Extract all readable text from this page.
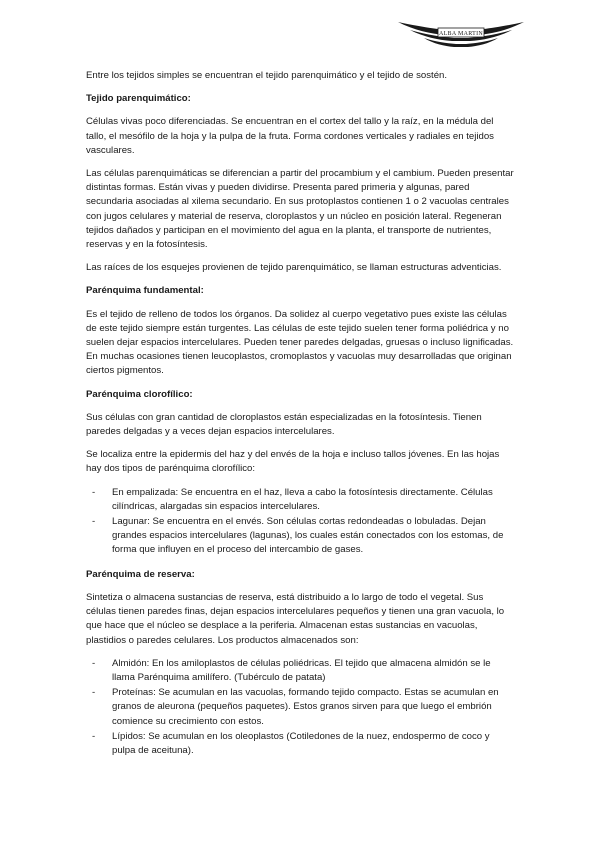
ALBA MARTIN

Entre los tejidos simples se encuentran el tejido parenquimático y el tejido de sostén.

Tejido parenquimático:

Células vivas poco diferenciadas. Se encuentran en el cortex del tallo y la raíz, en la médula del tallo, el mesófilo de la hoja y la pulpa de la fruta. Forma cordones verticales y radiales en tejidos vasculares.

Las células parenquimáticas se diferencian a partir del procambium y el cambium. Pueden presentar distintas formas. Están vivas y pueden dividirse. Presenta pared primeria y algunas, pared secundaria asociadas al xilema secundario. En sus protoplastos contienen 1 o 2 vacuolas centrales con jugos celulares y material de reserva, cloroplastos y un núcleo en posición lateral. Regeneran tejidos dañados y participan en el movimiento del agua en la planta, el transporte de nutrientes, reservas y en la fotosíntesis.

Las raíces de los esquejes provienen de tejido parenquimático, se llaman estructuras adventicias.

Parénquima fundamental:

Es el tejido de relleno de todos los órganos. Da solidez al cuerpo vegetativo pues existe las células de este tejido siempre están turgentes. Las células de este tejido suelen tener forma poliédrica y no suelen dejar espacios intercelulares. Pueden tener paredes delgadas, gruesas o incluso lignificadas. En muchas ocasiones tienen leucoplastos, cromoplastos y vacuolas muy desarrolladas que originan ciertos pigmentos.

Parénquima clorofílico:

Sus células con gran cantidad de cloroplastos están especializadas en la fotosíntesis. Tienen paredes delgadas y a veces dejan espacios intercelulares.

Se localiza entre la epidermis del haz y del envés de la hoja e incluso tallos jóvenes. En las hojas hay dos tipos de parénquima clorofílico:

- En empalizada: Se encuentra en el haz, lleva a cabo la fotosíntesis directamente. Células cilíndricas, alargadas sin espacios intercelulares.
- Lagunar: Se encuentra en el envés. Son células cortas redondeadas o lobuladas. Dejan grandes espacios intercelulares (lagunas), los cuales están conectados con los estomas, de forma que influyen en el proceso del intercambio de gases.

Parénquima de reserva:

Sintetiza o almacena sustancias de reserva, está distribuido a lo largo de todo el vegetal. Sus células tienen paredes finas, dejan espacios intercelulares pequeños y tienen una gran vacuola, lo que hace que el núcleo se desplace a la periferia. Almacenan estas sustancias en vacuolas, plastidios o paredes celulares. Los productos almacenados son:

- Almidón: En los amiloplastos de células poliédricas. El tejido que almacena almidón se le llama Parénquima amilífero. (Tubérculo de patata)
- Proteínas: Se acumulan en las vacuolas, formando tejido compacto. Estas se acumulan en granos de aleurona (pequeños paquetes). Estos granos sirven para que luego el embrión comience su crecimiento con estos.
- Lípidos: Se acumulan en los oleoplastos (Cotiledones de la nuez, endospermo de coco y pulpa de aceituna).
